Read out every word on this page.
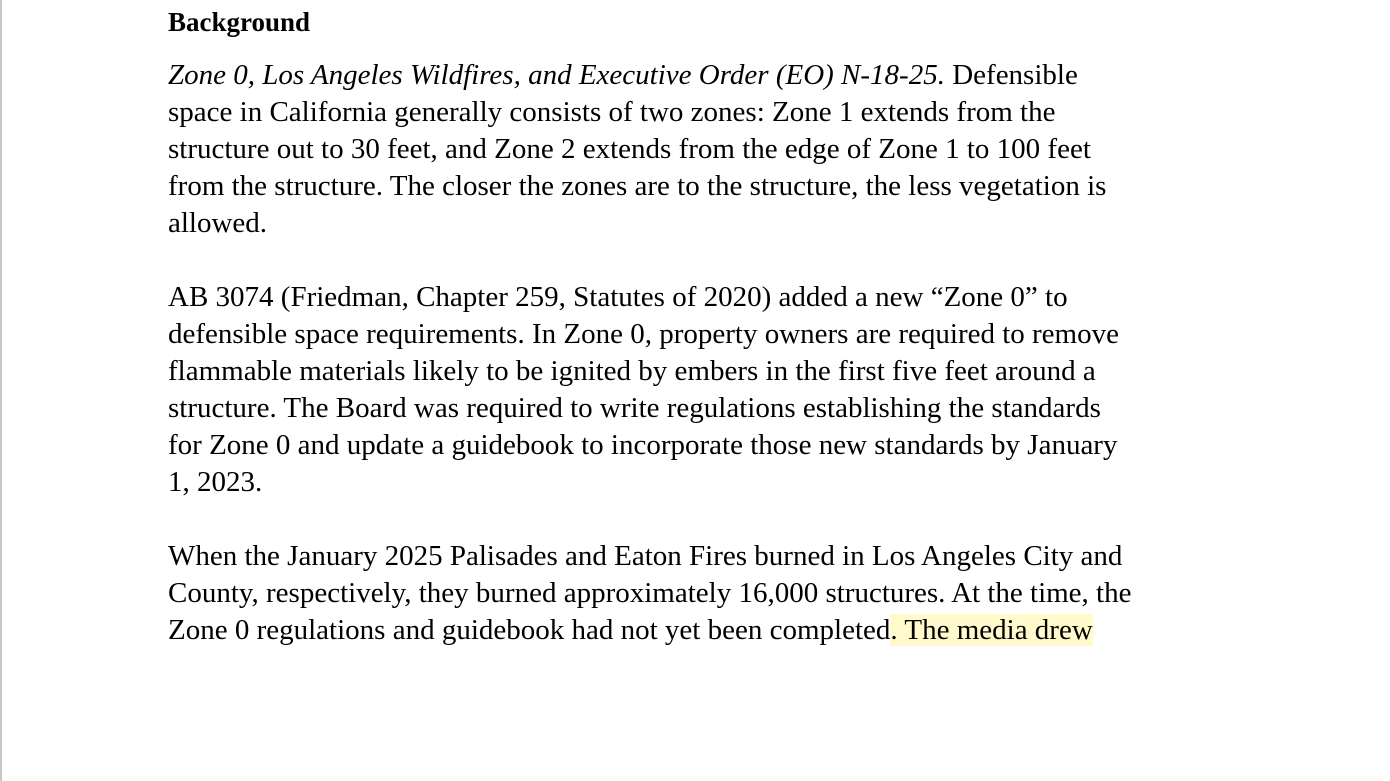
Background

Zone 0, Los Angeles Wildfires, and Executive Order (EO) N-18-25. Defensible
space in California generally consists of two zones: Zone 1 extends from the
structure out to 30 feet, and Zone 2 extends from the edge of Zone 1 to 100 feet
from the structure. The closer the zones are to the structure, the less vegetation is
allowed.

AB 3074 (Friedman, Chapter 259, Statutes of 2020) added a new “Zone 0” to
defensible space requirements. In Zone 0, property owners are required to remove
flammable materials likely to be ignited by embers in the first five feet around a
structure. The Board was required to write regulations establishing the standards
for Zone 0 and update a guidebook to incorporate those new standards by January
1, 2023.

When the January 2025 Palisades and Eaton Fires burned in Los Angeles City and
County, respectively, they burned approximately 16,000 structures. At the time, the
Zone 0 regulations and guidebook had not yet been completed. The media drew
